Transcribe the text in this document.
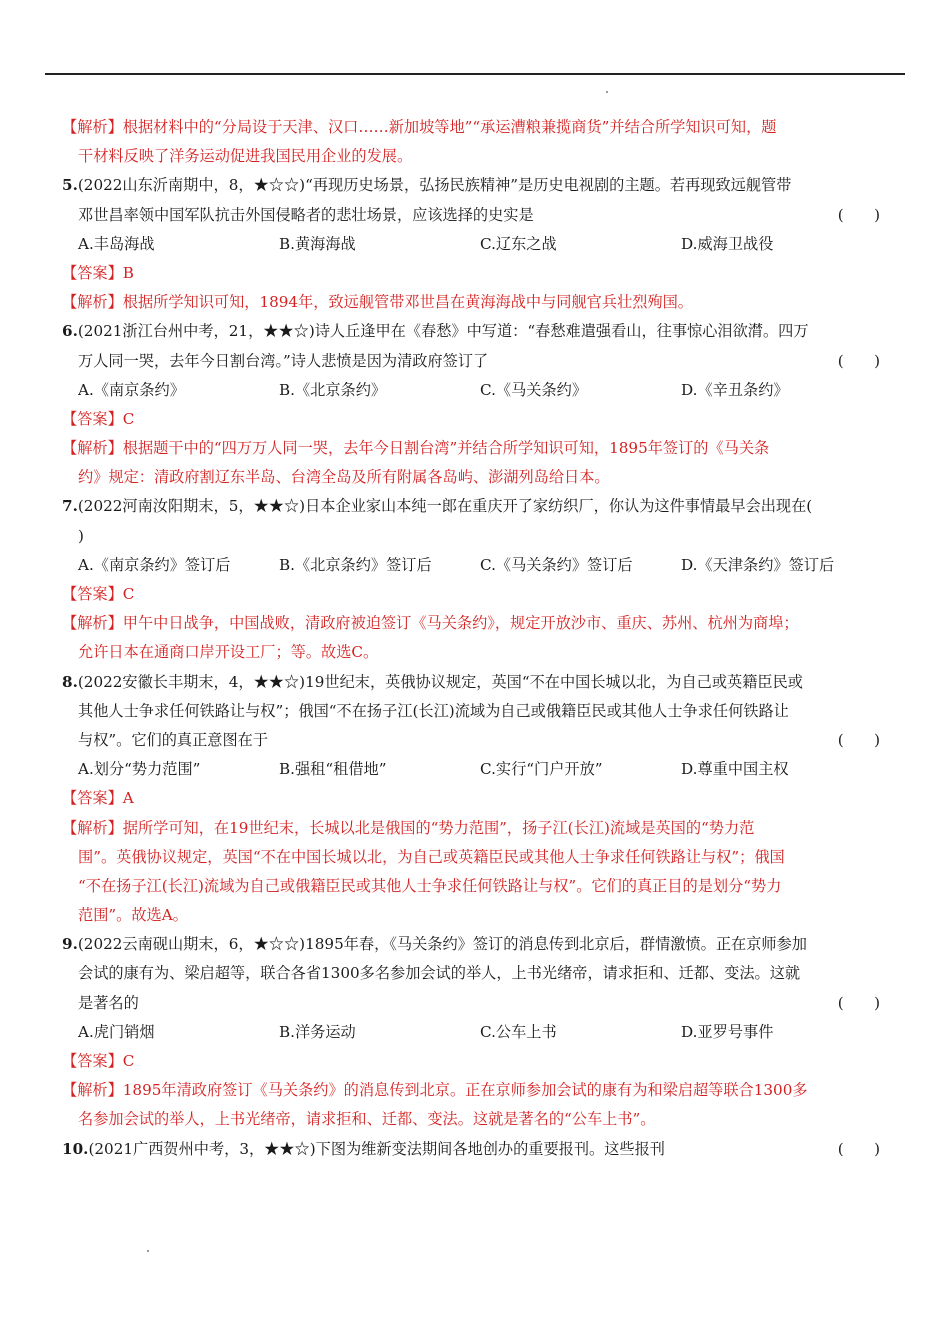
【解析】根据材料中的“分局设于天津、汉口……新加坡等地”“承运漕粮兼揽商货”并结合所学知识可知，题
干材料反映了洋务运动促进我国民用企业的发展。
5.(2022山东沂南期中，8，★☆☆)“再现历史场景，弘扬民族精神”是历史电视剧的主题。若再现致远舰管带
邓世昌率领中国军队抗击外国侵略者的悲壮场景，应该选择的史实是	(　　)
A.丰岛海战	B.黄海海战	C.辽东之战	D.威海卫战役
【答案】B
【解析】根据所学知识可知，1894年，致远舰管带邓世昌在黄海海战中与同舰官兵壮烈殉国。
6.(2021浙江台州中考，21，★★☆)诗人丘逢甲在《春愁》中写道：“春愁难遣强看山，往事惊心泪欲潸。四万
万人同一哭，去年今日割台湾。”诗人悲愤是因为清政府签订了	(　　)
A.《南京条约》	B.《北京条约》	C.《马关条约》	D.《辛丑条约》
【答案】C
【解析】根据题干中的“四万万人同一哭，去年今日割台湾”并结合所学知识可知，1895年签订的《马关条
约》规定：清政府割辽东半岛、台湾全岛及所有附属各岛屿、澎湖列岛给日本。
7.(2022河南汝阳期末，5，★★☆)日本企业家山本纯一郎在重庆开了家纺织厂，你认为这件事情最早会出现在(
)
A.《南京条约》签订后	B.《北京条约》签订后	C.《马关条约》签订后	D.《天津条约》签订后
【答案】C
【解析】甲午中日战争，中国战败，清政府被迫签订《马关条约》，规定开放沙市、重庆、苏州、杭州为商埠；
允许日本在通商口岸开设工厂；等。故选C。
8.(2022安徽长丰期末，4，★★☆)19世纪末，英俄协议规定，英国“不在中国长城以北，为自己或英籍臣民或
其他人士争求任何铁路让与权”；俄国“不在扬子江(长江)流域为自己或俄籍臣民或其他人士争求任何铁路让
与权”。它们的真正意图在于	(　　)
A.划分“势力范围”	B.强租“租借地”	C.实行“门户开放”	D.尊重中国主权
【答案】A
【解析】据所学可知，在19世纪末，长城以北是俄国的“势力范围”，扬子江(长江)流域是英国的“势力范
围”。英俄协议规定，英国“不在中国长城以北，为自己或英籍臣民或其他人士争求任何铁路让与权”；俄国
“不在扬子江(长江)流域为自己或俄籍臣民或其他人士争求任何铁路让与权”。它们的真正目的是划分“势力
范围”。故选A。
9.(2022云南砚山期末，6，★☆☆)1895年春，《马关条约》签订的消息传到北京后，群情激愤。正在京师参加
会试的康有为、梁启超等，联合各省1300多名参加会试的举人，上书光绪帝，请求拒和、迁都、变法。这就
是著名的	(　　)
A.虎门销烟	B.洋务运动	C.公车上书	D.亚罗号事件
【答案】C
【解析】1895年清政府签订《马关条约》的消息传到北京。正在京师参加会试的康有为和梁启超等联合1300多
名参加会试的举人，上书光绪帝，请求拒和、迁都、变法。这就是著名的“公车上书”。
10.(2021广西贺州中考，3，★★☆)下图为维新变法期间各地创办的重要报刊。这些报刊	(　　)
